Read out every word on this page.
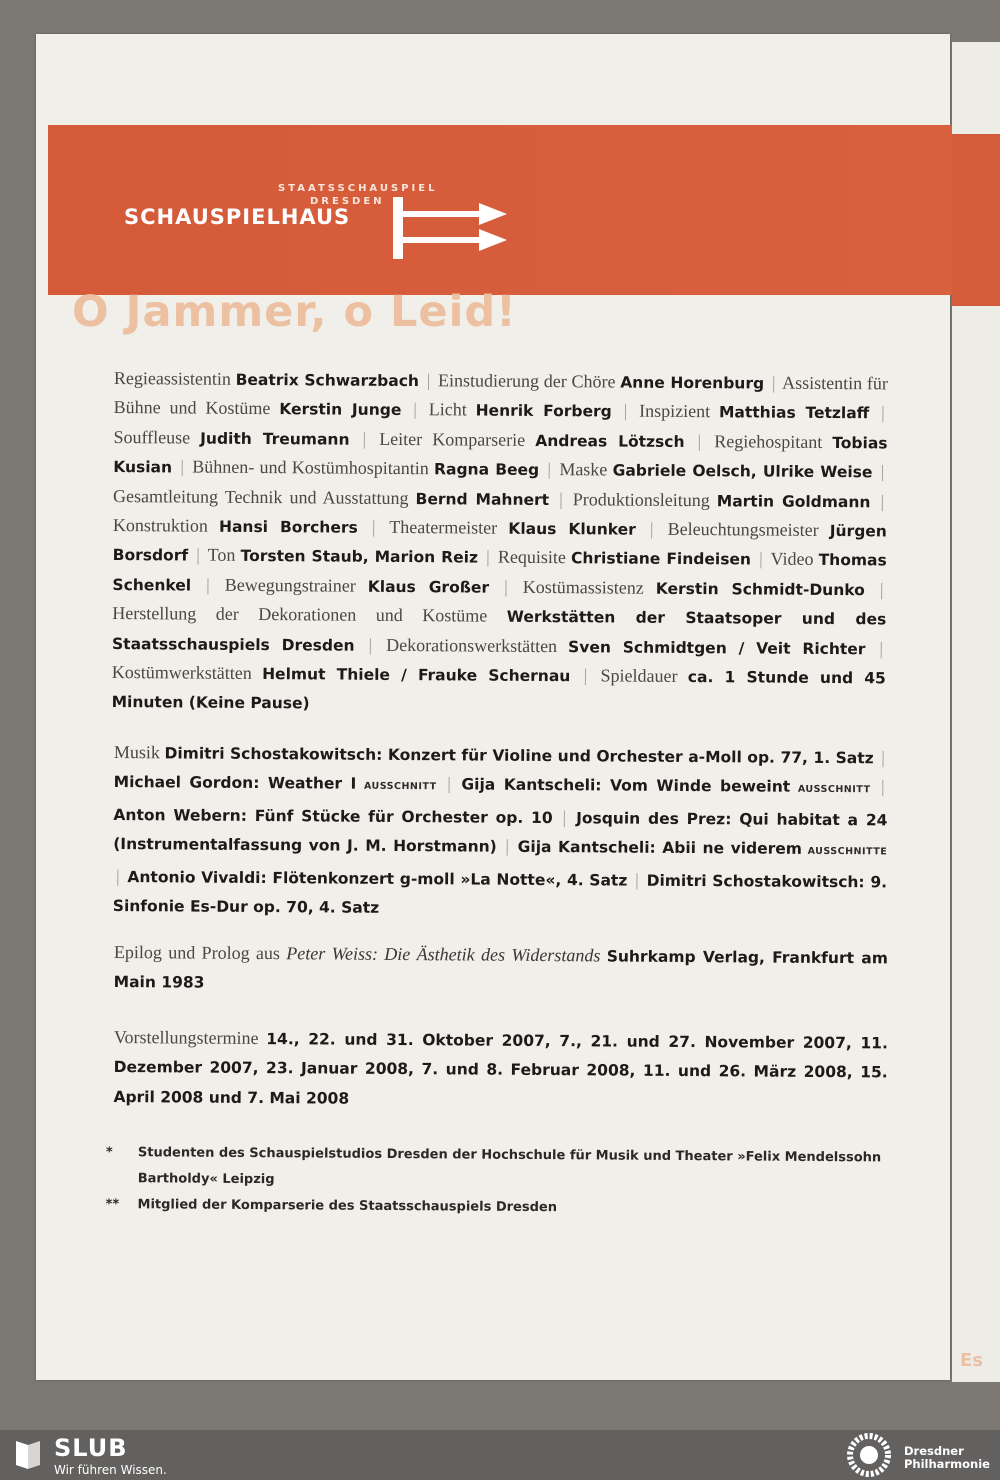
Es
STAATSSCHAUSPIEL
DRESDEN
SCHAUSPIELHAUS
O Jammer, o Leid!

Regieassistentin Beatrix Schwarzbach | Einstudierung der Chöre Anne Horenburg | Assistentin für Bühne und Kostüme Kerstin Junge | Licht Henrik Forberg | Inspizient Matthias Tetzlaff | Souffleuse Judith Treumann | Leiter Komparserie Andreas Lötzsch | Regiehospitant Tobias Kusian | Bühnen- und Kostümhospitantin Ragna Beeg | Maske Gabriele Oelsch, Ulrike Weise | Gesamtleitung Technik und Ausstattung Bernd Mahnert | Produktionsleitung Martin Goldmann | Konstruktion Hansi Borchers | Theatermeister Klaus Klunker | Beleuchtungsmeister Jürgen Borsdorf | Ton Torsten Staub, Marion Reiz | Requisite Christiane Findeisen | Video Thomas Schenkel | Bewegungstrainer Klaus Großer | Kostümassistenz Kerstin Schmidt-Dunko | Herstellung der Dekorationen und Kostüme Werkstätten der Staatsoper und des Staatsschauspiels Dresden | Dekorationswerkstätten Sven Schmidtgen / Veit Richter | Kostümwerkstätten Helmut Thiele / Frauke Schernau | Spieldauer ca. 1 Stunde und 45 Minuten (Keine Pause)

Musik Dimitri Schostakowitsch: Konzert für Violine und Orchester a-Moll op. 77, 1. Satz | Michael Gordon: Weather I AUSSCHNITT | Gija Kantscheli: Vom Winde beweint AUSSCHNITT | Anton Webern: Fünf Stücke für Orchester op. 10 | Josquin des Prez: Qui habitat a 24 (Instrumentalfassung von J. M. Horstmann) | Gija Kantscheli: Abii ne viderem AUSSCHNITTE | Antonio Vivaldi: Flötenkonzert g-moll »La Notte«, 4. Satz | Dimitri Schostakowitsch: 9. Sinfonie Es-Dur op. 70, 4. Satz

Epilog und Prolog aus Peter Weiss: Die Ästhetik des Widerstands Suhrkamp Verlag, Frankfurt am Main 1983

Vorstellungstermine 14., 22. und 31. Oktober 2007, 7., 21. und 27. November 2007, 11. Dezember 2007, 23. Januar 2008, 7. und 8. Februar 2008, 11. und 26. März 2008, 15. April 2008 und 7. Mai 2008

*	Studenten des Schauspielstudios Dresden der Hochschule für Musik und Theater »Felix Mendelssohn Bartholdy« Leipzig
**	Mitglied der Komparserie des Staatsschauspiels Dresden
SLUB
Wir führen Wissen.
Dresdner
Philharmonie
